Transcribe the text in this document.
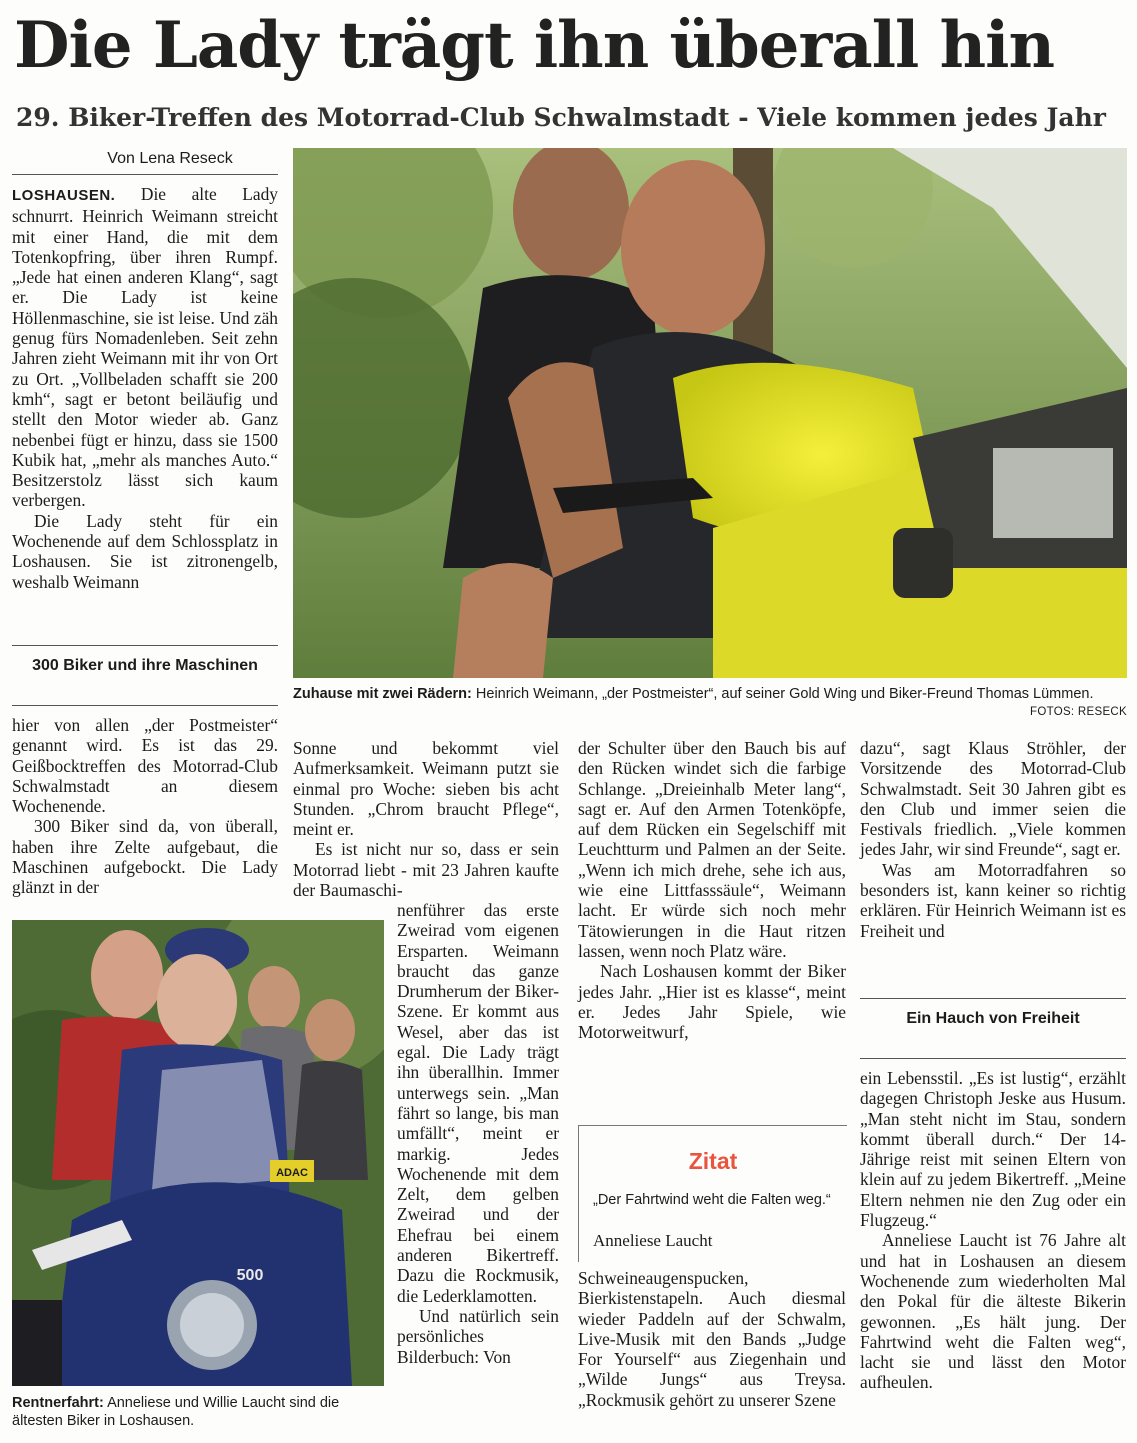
Die Lady trägt ihn überall hin
29. Biker-Treffen des Motorrad-Club Schwalmstadt - Viele kommen jedes Jahr
Von Lena Reseck

LOSHAUSEN. Die alte Lady schnurrt. Heinrich Weimann streicht mit einer Hand, die mit dem Totenkopfring, über ihren Rumpf. „Jede hat einen anderen Klang“, sagt er. Die Lady ist keine Höllenmaschine, sie ist leise. Und zäh genug fürs Nomadenleben. Seit zehn Jahren zieht Weimann mit ihr von Ort zu Ort. „Vollbeladen schafft sie 200 kmh“, sagt er betont beiläufig und stellt den Motor wieder ab. Ganz nebenbei fügt er hinzu, dass sie 1500 Kubik hat, „mehr als manches Auto.“ Besitzerstolz lässt sich kaum verbergen.

Die Lady steht für ein Wochenende auf dem Schlossplatz in Loshausen. Sie ist zitronengelb, weshalb Weimann

300 Biker und ihre Maschinen

hier von allen „der Postmeister“ genannt wird. Es ist das 29. Geißbocktreffen des Motorrad-Club Schwalmstadt an diesem Wochenende.

300 Biker sind da, von überall, haben ihre Zelte aufgebaut, die Maschinen aufgebockt. Die Lady glänzt in der

Zuhause mit zwei Rädern: Heinrich Weimann, „der Postmeister“, auf seiner Gold Wing und Biker-Freund Thomas Lümmen.
FOTOS: RESECK

Sonne und bekommt viel Aufmerksamkeit. Weimann putzt sie einmal pro Woche: sieben bis acht Stunden. „Chrom braucht Pflege“, meint er.

Es ist nicht nur so, dass er sein Motorrad liebt - mit 23 Jahren kaufte der Baumaschi-

nenführer das erste Zweirad vom eigenen Ersparten. Weimann braucht das ganze Drumherum der Biker-Szene. Er kommt aus Wesel, aber das ist egal. Die Lady trägt ihn überallhin. Immer unterwegs sein. „Man fährt so lange, bis man umfällt“, meint er markig. Jedes Wochenende mit dem Zelt, dem gelben Zweirad und der Ehefrau bei einem anderen Bikertreff. Dazu die Rockmusik, die Lederklamotten.

Und natürlich sein persönliches Bilderbuch: Von

ADAC
500
Rentnerfahrt: Anneliese und Willie Laucht sind die ältesten Biker in Loshausen.

der Schulter über den Bauch bis auf den Rücken windet sich die farbige Schlange. „Dreieinhalb Meter lang“, sagt er. Auf den Armen Totenköpfe, auf dem Rücken ein Segelschiff mit Leuchtturm und Palmen an der Seite. „Wenn ich mich drehe, sehe ich aus, wie eine Littfasssäule“, Weimann lacht. Er würde sich noch mehr Tätowierungen in die Haut ritzen lassen, wenn noch Platz wäre.

Nach Loshausen kommt der Biker jedes Jahr. „Hier ist es klasse“, meint er. Jedes Jahr Spiele, wie Motorweitwurf,

Zitat
„Der Fahrtwind weht die Falten weg.“
Anneliese Laucht

Schweineaugenspucken, Bierkistenstapeln. Auch diesmal wieder Paddeln auf der Schwalm, Live-Musik mit den Bands „Judge For Yourself“ aus Ziegenhain und „Wilde Jungs“ aus Treysa. „Rockmusik gehört zu unserer Szene

dazu“, sagt Klaus Ströhler, der Vorsitzende des Motorrad-Club Schwalmstadt. Seit 30 Jahren gibt es den Club und immer seien die Festivals friedlich. „Viele kommen jedes Jahr, wir sind Freunde“, sagt er.

Was am Motorradfahren so besonders ist, kann keiner so richtig erklären. Für Heinrich Weimann ist es Freiheit und

Ein Hauch von Freiheit

ein Lebensstil. „Es ist lustig“, erzählt dagegen Christoph Jeske aus Husum. „Man steht nicht im Stau, sondern kommt überall durch.“ Der 14-Jährige reist mit seinen Eltern von klein auf zu jedem Bikertreff. „Meine Eltern nehmen nie den Zug oder ein Flugzeug.“

Anneliese Laucht ist 76 Jahre alt und hat in Loshausen an diesem Wochenende zum wiederholten Mal den Pokal für die älteste Bikerin gewonnen. „Es hält jung. Der Fahrtwind weht die Falten weg“, lacht sie und lässt den Motor aufheulen.
